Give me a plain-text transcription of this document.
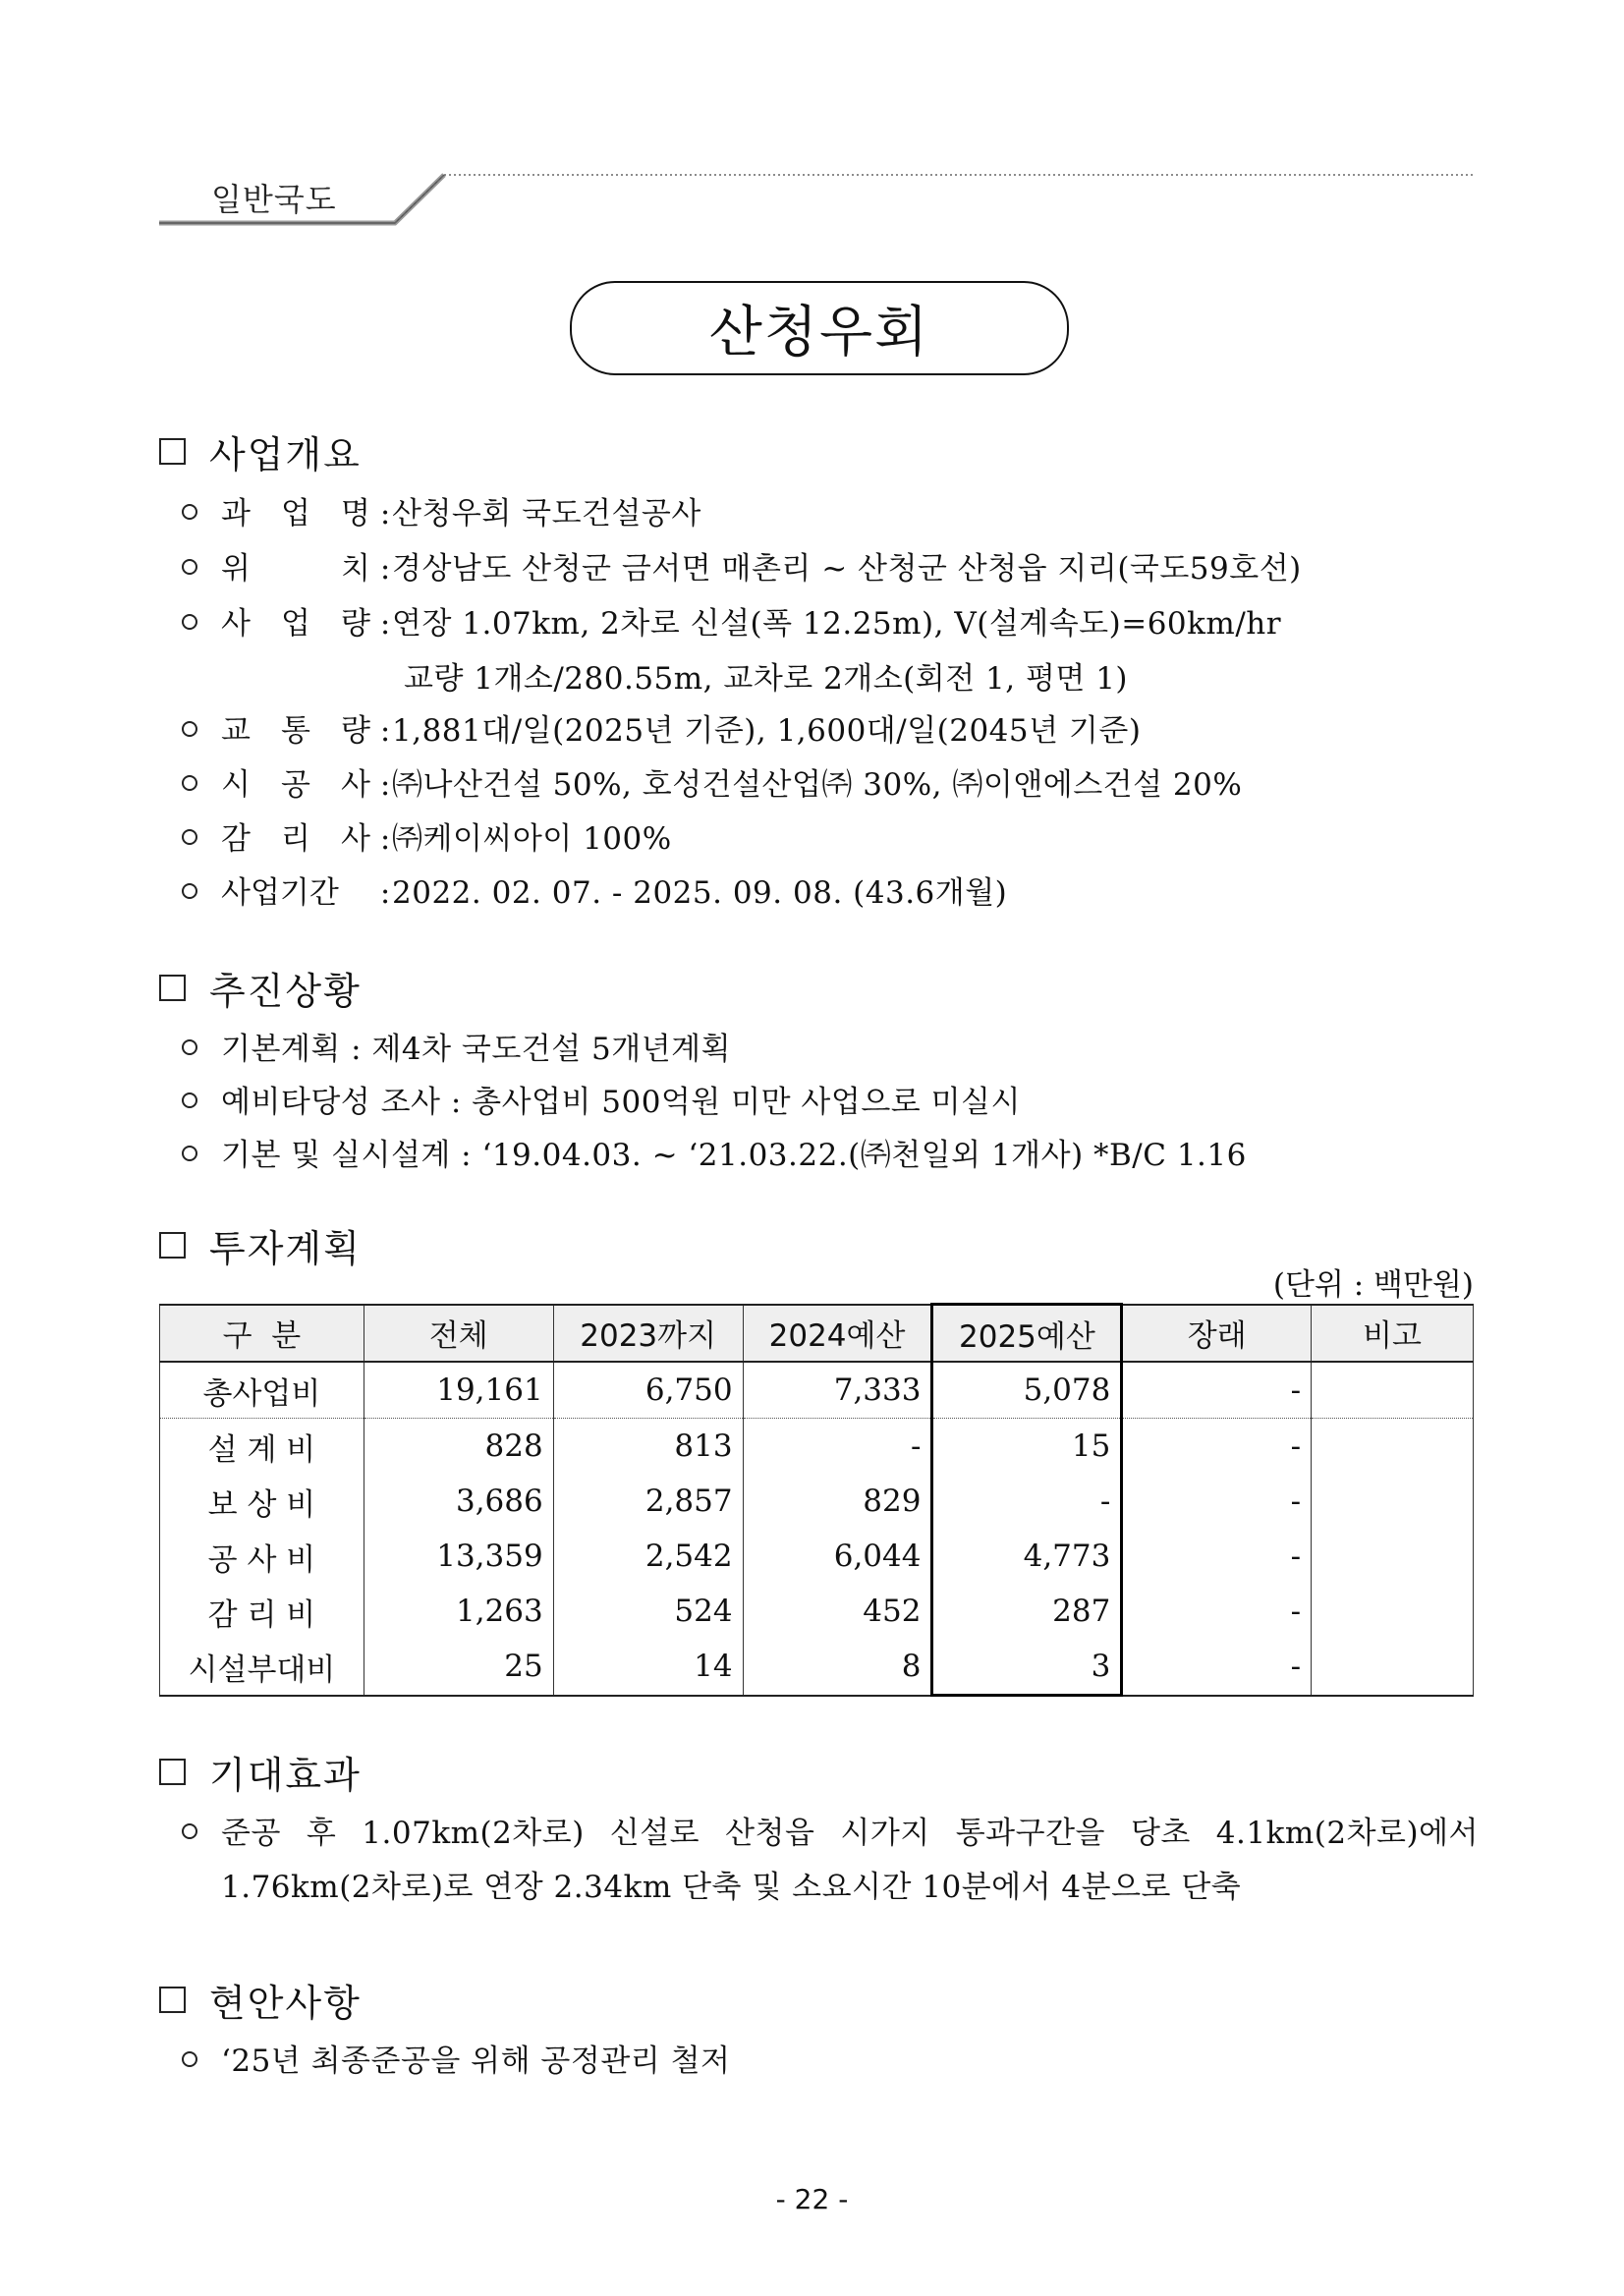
일반국도
산청우회
사업개요
과 업 명 : 산청우회 국도건설공사
위	치 : 경상남도 산청군 금서면 매촌리 ~ 산청군 산청읍 지리(국도59호선)
사 업 량 : 연장 1.07km, 2차로 신설(폭 12.25m), V(설계속도)=60km/hr
교량 1개소/280.55m, 교차로 2개소(회전 1, 평면 1)
교 통 량 : 1,881대/일(2025년 기준), 1,600대/일(2045년 기준)
시 공 사 : ㈜나산건설 50%, 호성건설산업㈜ 30%, ㈜이앤에스건설 20%
감 리 사 : ㈜케이씨아이 100%
사업기간 : 2022. 02. 07. - 2025. 09. 08. (43.6개월)
추진상황
기본계획 : 제4차 국도건설 5개년계획
예비타당성 조사 : 총사업비 500억원 미만 사업으로 미실시
기본 및 실시설계 : ‘19.04.03. ~ ‘21.03.22.(㈜천일외 1개사) *B/C 1.16
투자계획
(단위 : 백만원)
구  분	전체	2023까지	2024예산	2025예산	장래	비고
총사업비	19,161	6,750	7,333	5,078	-	
설 계 비	828	813	-	15	-	
보 상 비	3,686	2,857	829	-	-	
공 사 비	13,359	2,542	6,044	4,773	-	
감 리 비	1,263	524	452	287	-	
시설부대비	25	14	8	3	-	
기대효과
준공 후 1.07km(2차로) 신설로 산청읍 시가지 통과구간을 당초 4.1km(2차로)에서
1.76km(2차로)로 연장 2.34km 단축 및 소요시간 10분에서 4분으로 단축
현안사항
‘25년 최종준공을 위해 공정관리 철저
- 22 -
